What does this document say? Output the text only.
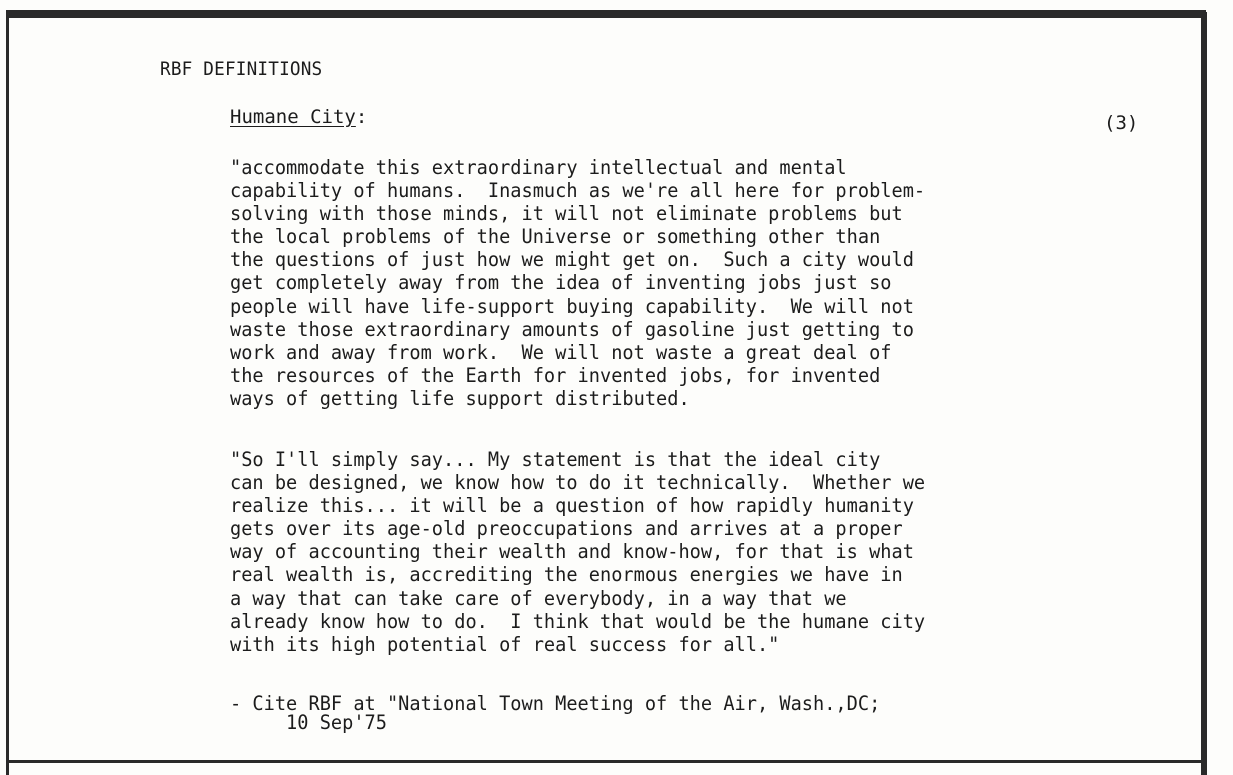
RBF DEFINITIONS
Humane City:	(3)

"accommodate this extraordinary intellectual and mental
capability of humans.  Inasmuch as we're all here for problem-
solving with those minds, it will not eliminate problems but
the local problems of the Universe or something other than
the questions of just how we might get on.  Such a city would
get completely away from the idea of inventing jobs just so
people will have life-support buying capability.  We will not
waste those extraordinary amounts of gasoline just getting to
work and away from work.  We will not waste a great deal of
the resources of the Earth for invented jobs, for invented
ways of getting life support distributed.

"So I'll simply say... My statement is that the ideal city
can be designed, we know how to do it technically.  Whether we
realize this... it will be a question of how rapidly humanity
gets over its age-old preoccupations and arrives at a proper
way of accounting their wealth and know-how, for that is what
real wealth is, accrediting the enormous energies we have in
a way that can take care of everybody, in a way that we
already know how to do.  I think that would be the humane city
with its high potential of real success for all."

- Cite RBF at "National Town Meeting of the Air, Wash.,DC;
10 Sep'75
